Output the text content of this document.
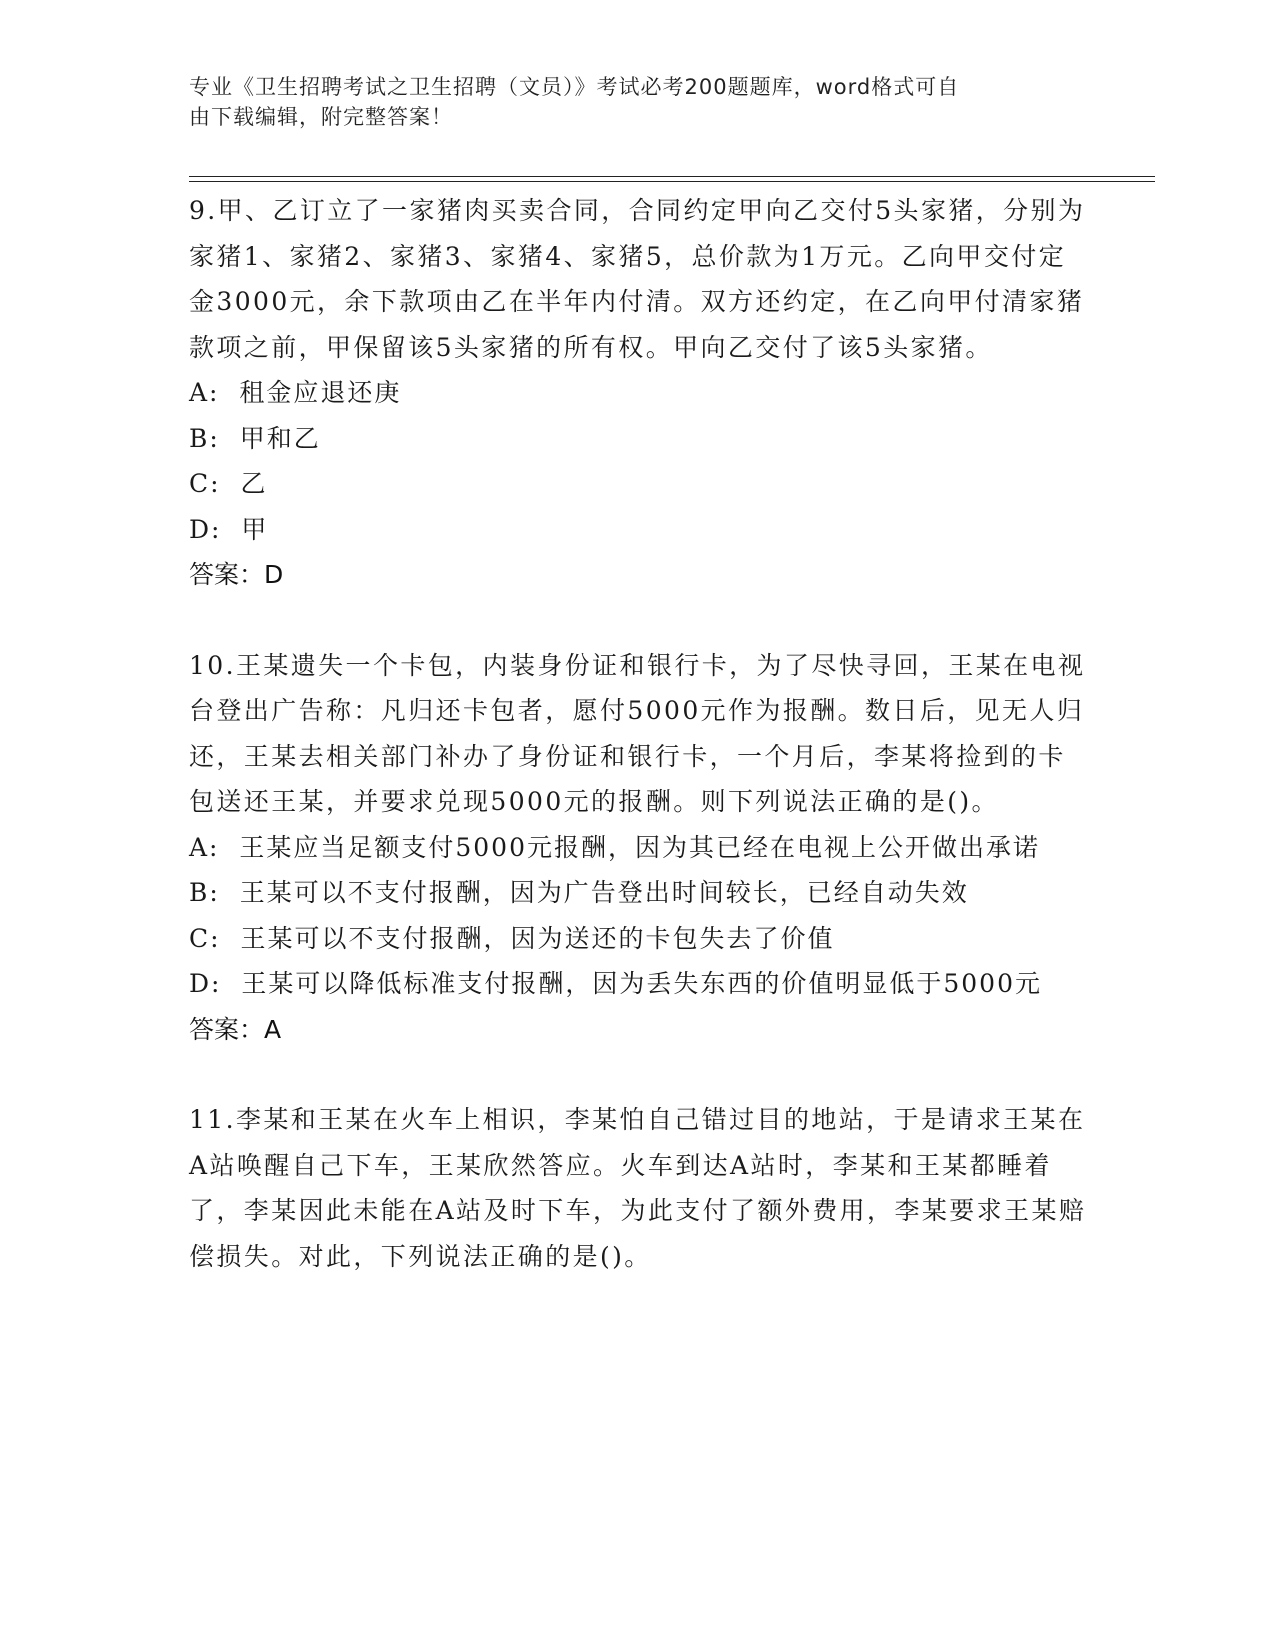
专业《卫生招聘考试之卫生招聘（文员）》考试必考200题题库，word格式可自
由下载编辑，附完整答案！

9.甲、乙订立了一家猪肉买卖合同，合同约定甲向乙交付5头家猪，分别为家猪1、家猪2、家猪3、家猪4、家猪5，总价款为1万元。乙向甲交付定金3000元，余下款项由乙在半年内付清。双方还约定，在乙向甲付清家猪款项之前，甲保留该5头家猪的所有权。甲向乙交付了该5头家猪。

A:  租金应退还庚

B:  甲和乙

C:  乙

D:  甲

答案：D

10.王某遗失一个卡包，内装身份证和银行卡，为了尽快寻回，王某在电视台登出广告称：凡归还卡包者，愿付5000元作为报酬。数日后，见无人归还，王某去相关部门补办了身份证和银行卡，一个月后，李某将捡到的卡包送还王某，并要求兑现5000元的报酬。则下列说法正确的是()。

A:  王某应当足额支付5000元报酬，因为其已经在电视上公开做出承诺

B:  王某可以不支付报酬，因为广告登出时间较长，已经自动失效

C:  王某可以不支付报酬，因为送还的卡包失去了价值

D:  王某可以降低标准支付报酬，因为丢失东西的价值明显低于5000元

答案：A

11.李某和王某在火车上相识，李某怕自己错过目的地站，于是请求王某在A站唤醒自己下车，王某欣然答应。火车到达A站时，李某和王某都睡着了，李某因此未能在A站及时下车，为此支付了额外费用，李某要求王某赔偿损失。对此，下列说法正确的是()。
